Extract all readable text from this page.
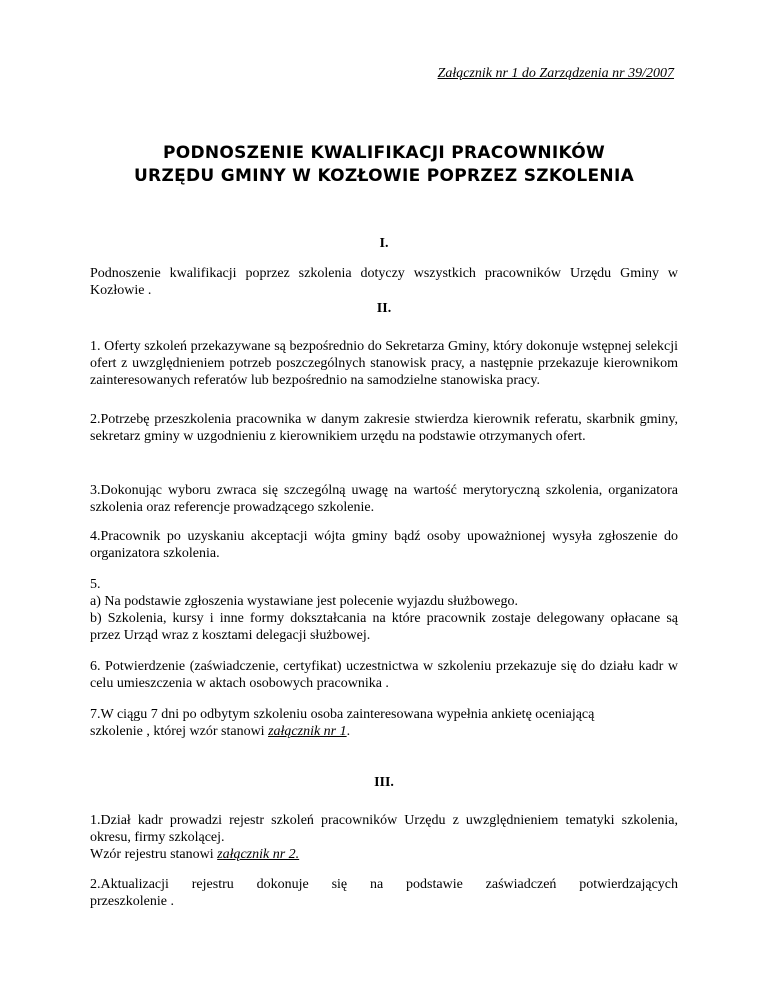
Załącznik nr 1 do Zarządzenia nr 39/2007
PODNOSZENIE KWALIFIKACJI PRACOWNIKÓW
URZĘDU GMINY W KOZŁOWIE POPRZEZ SZKOLENIA
I.
Podnoszenie kwalifikacji poprzez szkolenia dotyczy wszystkich pracowników Urzędu Gminy w Kozłowie .
II.
1. Oferty szkoleń przekazywane są bezpośrednio do Sekretarza Gminy, który dokonuje wstępnej selekcji ofert z uwzględnieniem potrzeb poszczególnych stanowisk pracy, a następnie przekazuje kierownikom zainteresowanych referatów lub bezpośrednio na samodzielne stanowiska pracy.
2.Potrzebę przeszkolenia pracownika w danym zakresie stwierdza kierownik referatu, skarbnik gminy, sekretarz gminy w uzgodnieniu z kierownikiem urzędu na podstawie otrzymanych ofert.
3.Dokonując wyboru zwraca się szczególną uwagę na wartość merytoryczną szkolenia, organizatora szkolenia oraz referencje prowadzącego szkolenie.
4.Pracownik po uzyskaniu akceptacji wójta gminy bądź osoby upoważnionej wysyła zgłoszenie do organizatora szkolenia.
5.
a) Na podstawie zgłoszenia wystawiane jest polecenie wyjazdu służbowego.
b) Szkolenia, kursy i inne formy dokształcania na które pracownik zostaje delegowany opłacane są przez Urząd wraz z kosztami delegacji służbowej.
6. Potwierdzenie (zaświadczenie, certyfikat) uczestnictwa w szkoleniu przekazuje się do działu kadr w celu umieszczenia w aktach osobowych pracownika .
7.W ciągu 7 dni po odbytym szkoleniu osoba zainteresowana wypełnia ankietę oceniającą
szkolenie , której wzór stanowi załącznik nr 1.
III.
1.Dział kadr prowadzi rejestr szkoleń pracowników Urzędu z uwzględnieniem tematyki szkolenia, okresu, firmy szkolącej.
Wzór rejestru stanowi załącznik nr 2.
2.Aktualizacji rejestru dokonuje się na podstawie zaświadczeń potwierdzających
przeszkolenie .
